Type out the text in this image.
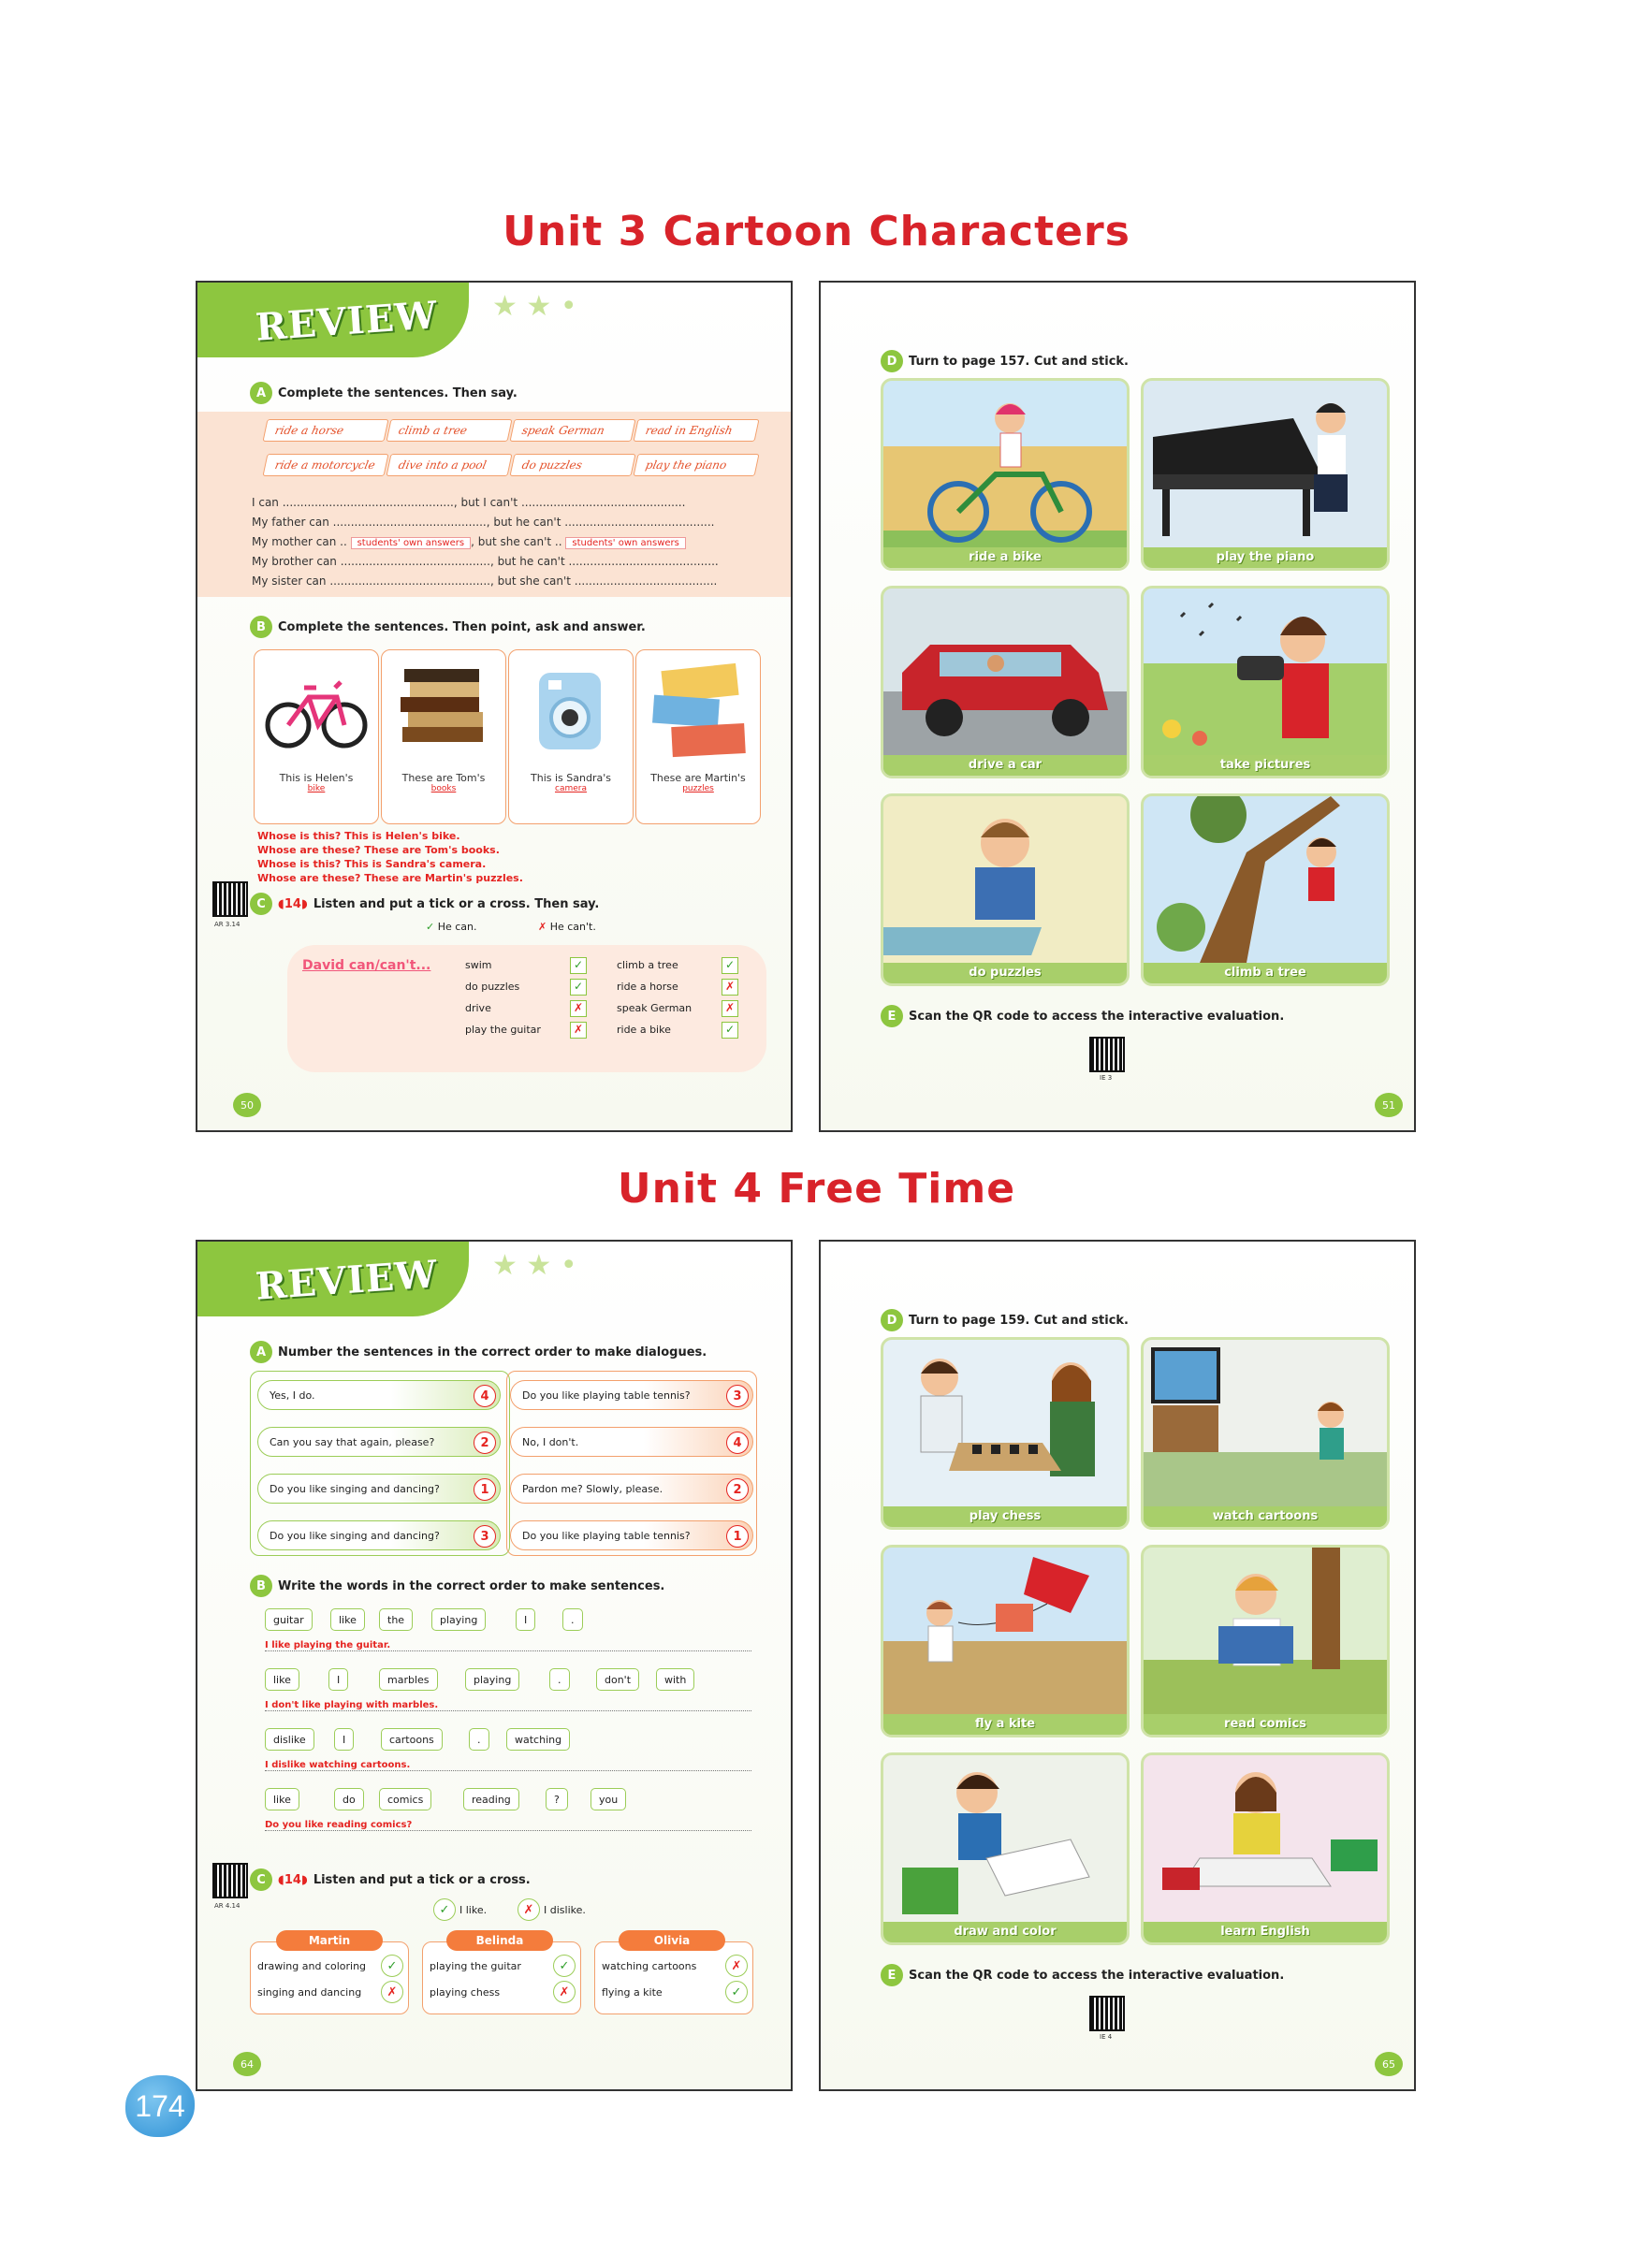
Unit 3 Cartoon Characters
REVIEW ★ ★ •
A Complete the sentences. Then say.
ride a horse	climb a tree	speak German	read in English
ride a motorcycle	dive into a pool	do puzzles	play the piano
I can ................................................, but I can't ..............................................
My father can ..........................................., but he can't ..........................................
My mother can .. students' own answers , but she can't .. students' own answers
My brother can .........................................., but he can't ..........................................
My sister can ............................................., but she can't ........................................
B	Complete the sentences. Then point, ask and answer.
This is Helen's
bike
These are Tom's
books
This is Sandra's
camera
These are Martin's
puzzles
Whose is this? This is Helen's bike.
Whose are these? These are Tom's books.
Whose is this? This is Sandra's camera.
Whose are these? These are Martin's puzzles.
AR 3.14
C	◖14◗ Listen and put a tick or a cross. Then say.
✓ He can.	✗ He can't.
David can/can't...	swim	✓
do puzzles	✓
drive	✗
play the guitar	✗
climb a tree	✓
ride a horse	✗
speak German	✗
ride a bike	✓
50
D Turn to page 157. Cut and stick.
ride a bike	play the piano
drive a car	take pictures
do puzzles	climb a tree
E	Scan the QR code to access the interactive evaluation.
IE 3
51
Unit 4 Free Time
REVIEW ★ ★ •
A Number the sentences in the correct order to make dialogues.
Yes, I do.	4
Can you say that again, please?	2
Do you like singing and dancing?	1
Do you like singing and dancing?	3
Do you like playing table tennis?	3
No, I don't.	4
Pardon me? Slowly, please.	2
Do you like playing table tennis?	1
B	Write the words in the correct order to make sentences.
guitar	like	the	playing	I	.
I like playing the guitar.
like	I	marbles	playing	.	don't	with
I don't like playing with marbles.
dislike	I	cartoons	.	watching
I dislike watching cartoons.
like	do	comics	reading	?	you
Do you like reading comics?
AR 4.14
C	◖14◗ Listen and put a tick or a cross.
✓ I like.	✗ I dislike.
Martin
drawing and coloring	✓
singing and dancing	✗
Belinda
playing the guitar	✓
playing chess	✗
Olivia
watching cartoons	✗
flying a kite	✓
64
D Turn to page 159. Cut and stick.
play chess	watch cartoons
fly a kite	read comics
draw and color	learn English
E	Scan the QR code to access the interactive evaluation.
IE 4
65
174
